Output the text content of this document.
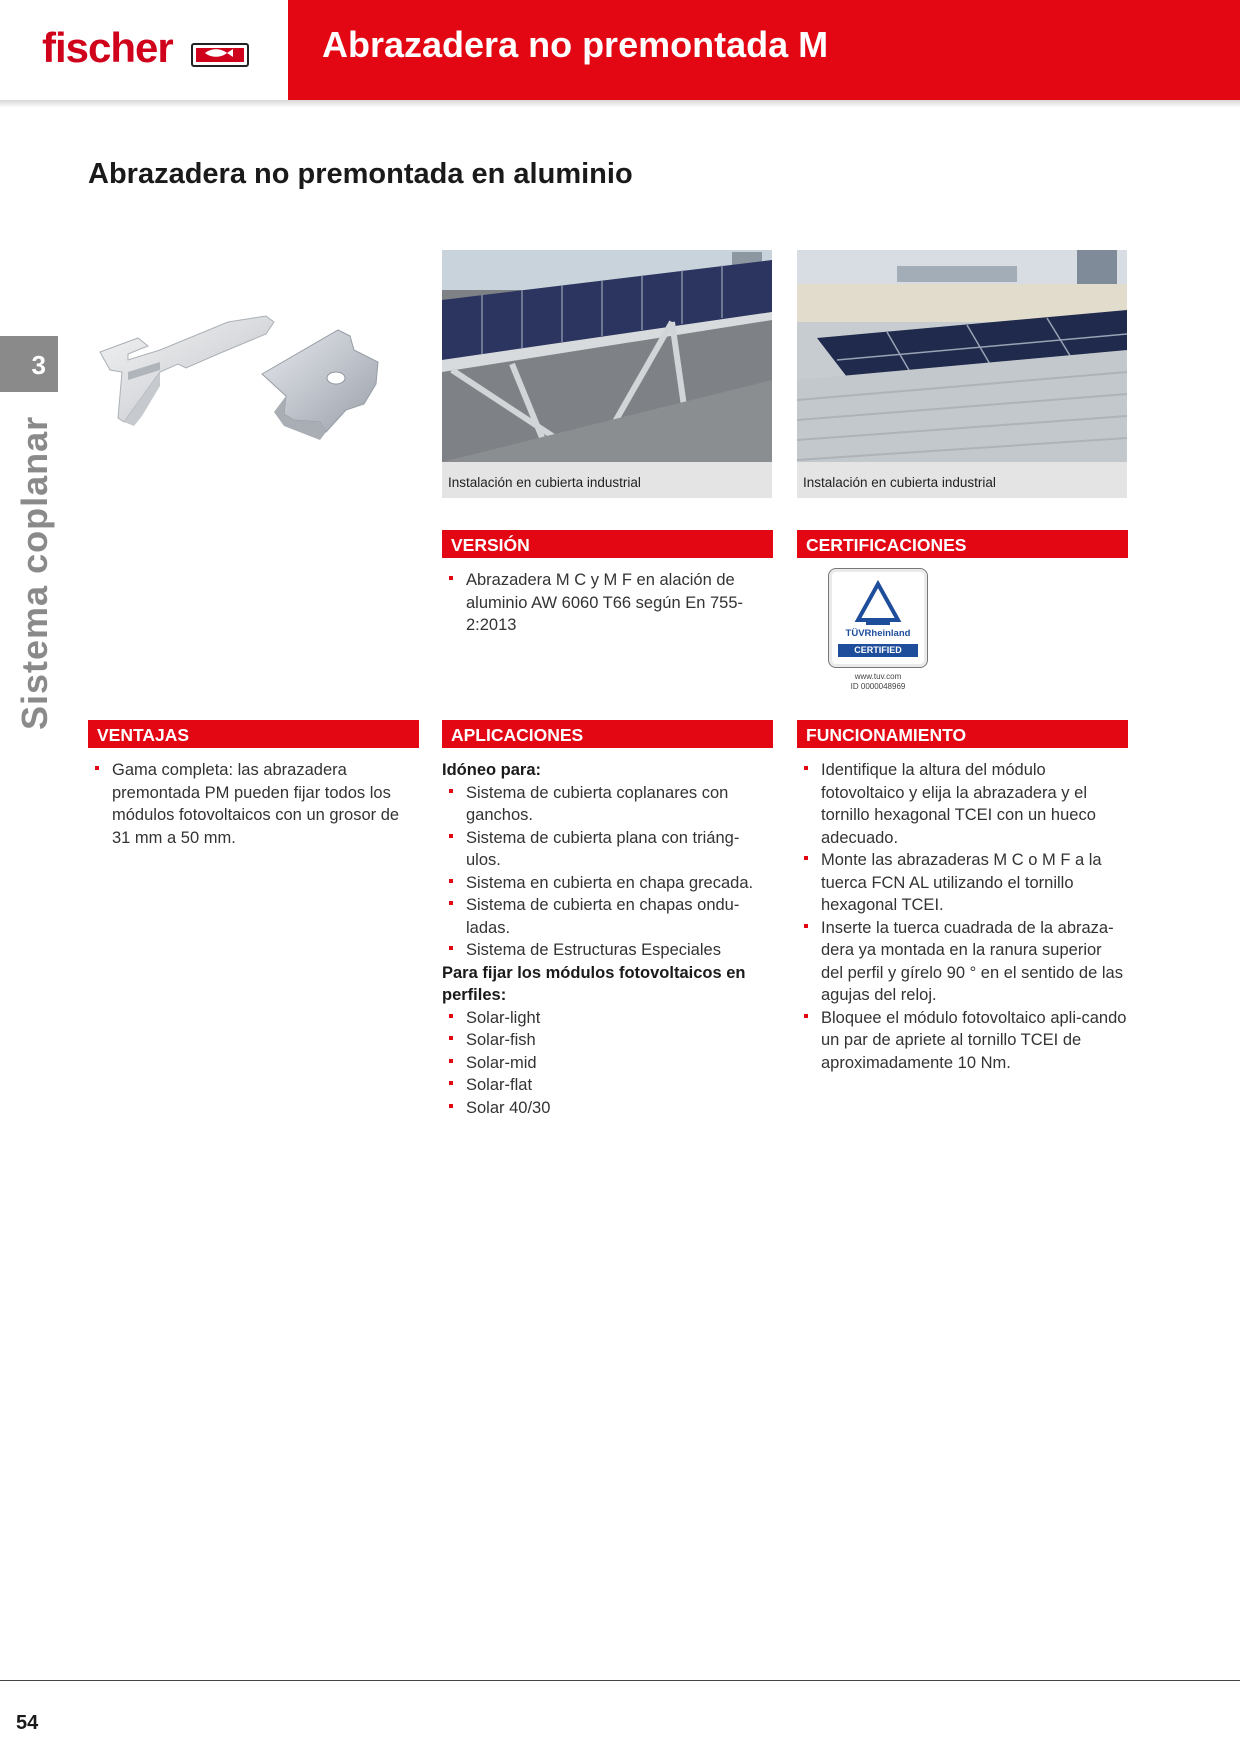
fischer	Abrazadera no premontada M
3
Sistema coplanar
Abrazadera no premontada en aluminio
Instalación en cubierta industrial	Instalación en cubierta industrial
VERSIÓN
Abrazadera M C y M F en alación de aluminio AW 6060 T66 según En 755-2:2013
CERTIFICACIONES
TÜVRheinland
CERTIFIED
www.tuv.com
ID 0000048969
VENTAJAS
Gama completa: las abrazadera premontada PM pueden fijar todos los módulos fotovoltaicos con un grosor de 31 mm a 50 mm.
APLICACIONES
Idóneo para:
Sistema de cubierta coplanares con ganchos.
Sistema de cubierta plana con triáng-ulos.
Sistema en cubierta en chapa grecada.
Sistema de cubierta en chapas ondu-ladas.
Sistema de Estructuras Especiales
Para fijar los módulos fotovoltaicos en perfiles:
Solar-light
Solar-fish
Solar-mid
Solar-flat
Solar 40/30
FUNCIONAMIENTO
Identifique la altura del módulo fotovoltaico y elija la abrazadera y el tornillo hexagonal TCEI con un hueco adecuado.
Monte las abrazaderas M C o M F a la tuerca FCN AL utilizando el tornillo hexagonal TCEI.
Inserte la tuerca cuadrada de la abraza-dera ya montada en la ranura superior del perfil y gírelo 90 ° en el sentido de las agujas del reloj.
Bloquee el módulo fotovoltaico apli-cando un par de apriete al tornillo TCEI de aproximadamente 10 Nm.
54
